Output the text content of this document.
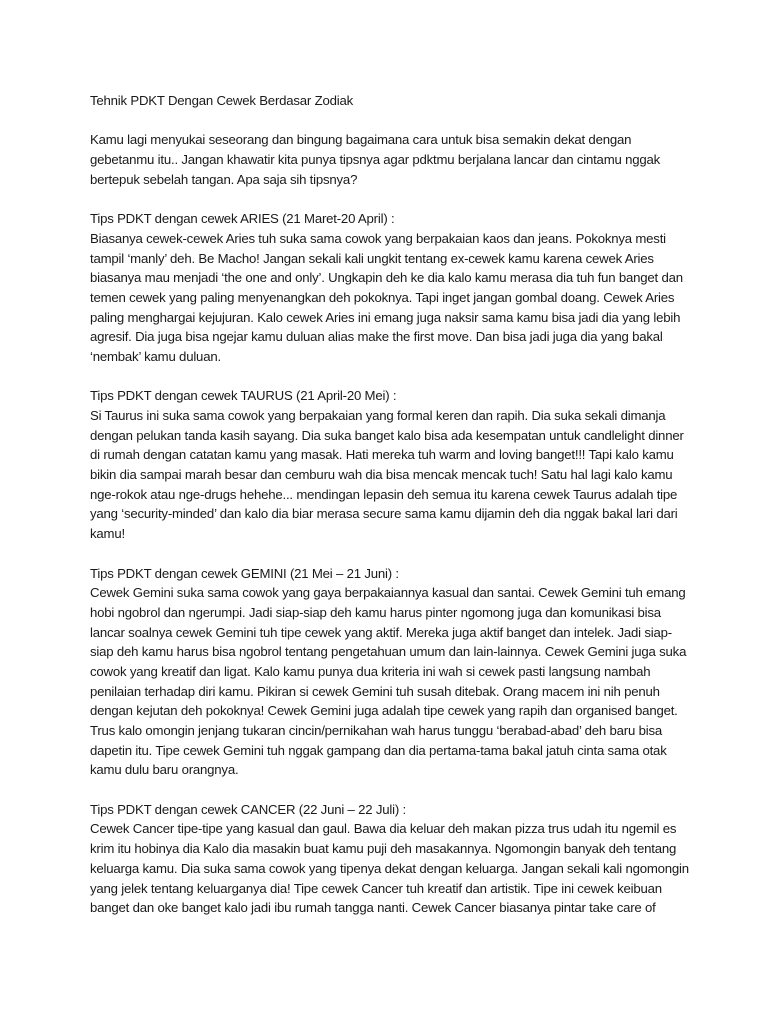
Tehnik PDKT Dengan Cewek Berdasar Zodiak
Kamu lagi menyukai seseorang dan bingung bagaimana cara untuk bisa semakin dekat dengan
gebetanmu itu.. Jangan khawatir kita punya tipsnya agar pdktmu berjalana lancar dan cintamu nggak
bertepuk sebelah tangan. Apa saja sih tipsnya?
Tips PDKT dengan cewek ARIES (21 Maret-20 April) :
Biasanya cewek-cewek Aries tuh suka sama cowok yang berpakaian kaos dan jeans. Pokoknya mesti
tampil ‘manly’ deh. Be Macho! Jangan sekali kali ungkit tentang ex-cewek kamu karena cewek Aries
biasanya mau menjadi ‘the one and only’. Ungkapin deh ke dia kalo kamu merasa dia tuh fun banget dan
temen cewek yang paling menyenangkan deh pokoknya. Tapi inget jangan gombal doang. Cewek Aries
paling menghargai kejujuran. Kalo cewek Aries ini emang juga naksir sama kamu bisa jadi dia yang lebih
agresif. Dia juga bisa ngejar kamu duluan alias make the first move. Dan bisa jadi juga dia yang bakal
‘nembak’ kamu duluan.
Tips PDKT dengan cewek TAURUS (21 April-20 Mei) :
Si Taurus ini suka sama cowok yang berpakaian yang formal keren dan rapih. Dia suka sekali dimanja
dengan pelukan tanda kasih sayang. Dia suka banget kalo bisa ada kesempatan untuk candlelight dinner
di rumah dengan catatan kamu yang masak. Hati mereka tuh warm and loving banget!!! Tapi kalo kamu
bikin dia sampai marah besar dan cemburu wah dia bisa mencak mencak tuch! Satu hal lagi kalo kamu
nge-rokok atau nge-drugs hehehe... mendingan lepasin deh semua itu karena cewek Taurus adalah tipe
yang ‘security-minded’ dan kalo dia biar merasa secure sama kamu dijamin deh dia nggak bakal lari dari
kamu!
Tips PDKT dengan cewek GEMINI (21 Mei – 21 Juni) :
Cewek Gemini suka sama cowok yang gaya berpakaiannya kasual dan santai. Cewek Gemini tuh emang
hobi ngobrol dan ngerumpi. Jadi siap-siap deh kamu harus pinter ngomong juga dan komunikasi bisa
lancar soalnya cewek Gemini tuh tipe cewek yang aktif. Mereka juga aktif banget dan intelek. Jadi siap-
siap deh kamu harus bisa ngobrol tentang pengetahuan umum dan lain-lainnya. Cewek Gemini juga suka
cowok yang kreatif dan ligat. Kalo kamu punya dua kriteria ini wah si cewek pasti langsung nambah
penilaian terhadap diri kamu. Pikiran si cewek Gemini tuh susah ditebak. Orang macem ini nih penuh
dengan kejutan deh pokoknya! Cewek Gemini juga adalah tipe cewek yang rapih dan organised banget.
Trus kalo omongin jenjang tukaran cincin/pernikahan wah harus tunggu ‘berabad-abad’ deh baru bisa
dapetin itu. Tipe cewek Gemini tuh nggak gampang dan dia pertama-tama bakal jatuh cinta sama otak
kamu dulu baru orangnya.
Tips PDKT dengan cewek CANCER (22 Juni – 22 Juli) :
Cewek Cancer tipe-tipe yang kasual dan gaul. Bawa dia keluar deh makan pizza trus udah itu ngemil es
krim itu hobinya dia Kalo dia masakin buat kamu puji deh masakannya. Ngomongin banyak deh tentang
keluarga kamu. Dia suka sama cowok yang tipenya dekat dengan keluarga. Jangan sekali kali ngomongin
yang jelek tentang keluarganya dia! Tipe cewek Cancer tuh kreatif dan artistik. Tipe ini cewek keibuan
banget dan oke banget kalo jadi ibu rumah tangga nanti. Cewek Cancer biasanya pintar take care of
